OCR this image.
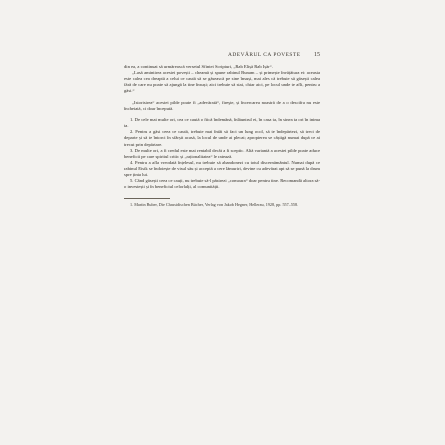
ADEVĂRUL CA POVESTE 15

din ea, a continuat să urmărească versetul Sfintei Scripturi, „Rab Elișă Rab Ișăr“.

„Lasă amintirea acestei povești – cheamă și spune rabinul Bunam – și primește învățătura ei: aceasta este calea cea dreaptă a celui ce caută să se găsească pe sine însuși, mai ales că trebuie să găsești calea fără de care nu poate să ajungă la tine însuși; aici trebuie să stai, chiar aici, pe locul unde te afli, pentru a găsi.“

„Istorisirea“ acestei pilde poate fi „adevărată“, fireşte, și încercarea noastră de a o descifra nu este încheiată, ci doar începută.

1. De cele mai multe ori, cea ce caută o fiică îndemână, înlăuntrul ei, în casa ta, în sinea ta ori în inima ta.

2. Pentru a găsi ceea ce caută, trebuie mai întâi să faci un lung ocol, să te îndepărtezi, să treci de departe și să te întorci în sfârșit acasă, la locul de unde ai plecat; apropierea se câștigă numai după ce ai trecut prin depărtare.

3. De multe ori, a fi credul este mai rentabil decât a fi sceptic. Altă variantă a acestei pilde poate aduce beneficii pe care spiritul critic și „raționalitatea“ le ratează.

4. Pentru a afla vreodată înțelesul, nu trebuie să abandonezi cu totul discernământul. Numai după ce rabinul Eisik se îndoiește de visul său și acceptă a cere lămuriri, devine cu adevărat apt să se pună la drum spre ținta lui.

5. Când găsești ceea ce cauți, nu trebuie să-l păstrezi „comoara“ doar pentru tine. Recomandă altora să-o investești și în beneficiul celorlalți, al comunității.

1. Martin Buber, Die Chassidischen Bücher, Verlag von Jakob Hegner, Hellerau, 1928, pp. 557–558.
